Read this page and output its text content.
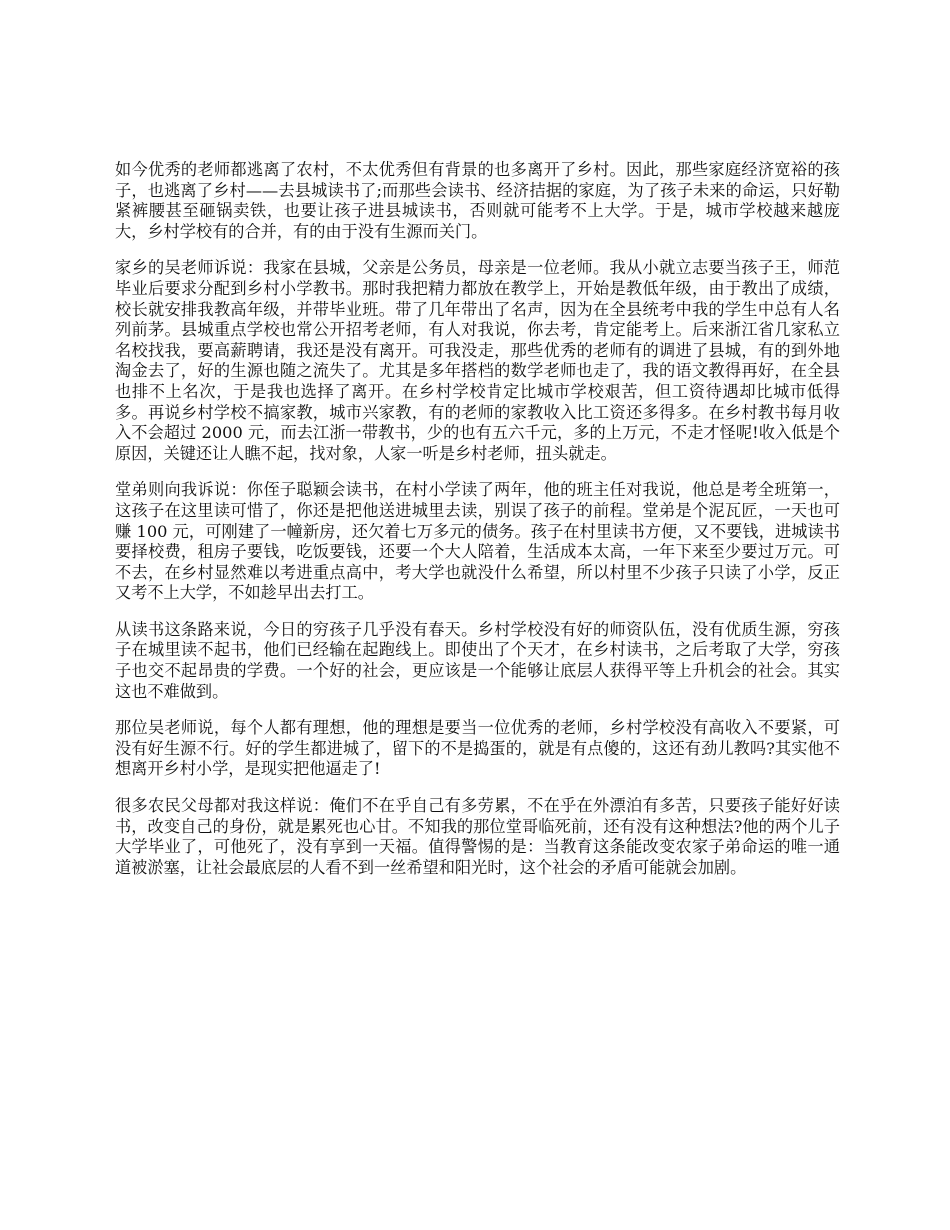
如今优秀的老师都逃离了农村，不太优秀但有背景的也多离开了乡村。因此，那些家庭经济宽裕的孩子，也逃离了乡村——去县城读书了;而那些会读书、经济拮据的家庭，为了孩子未来的命运，只好勒紧裤腰甚至砸锅卖铁，也要让孩子进县城读书，否则就可能考不上大学。于是，城市学校越来越庞大，乡村学校有的合并，有的由于没有生源而关门。

家乡的吴老师诉说：我家在县城，父亲是公务员，母亲是一位老师。我从小就立志要当孩子王，师范毕业后要求分配到乡村小学教书。那时我把精力都放在教学上，开始是教低年级，由于教出了成绩，校长就安排我教高年级，并带毕业班。带了几年带出了名声，因为在全县统考中我的学生中总有人名列前茅。县城重点学校也常公开招考老师，有人对我说，你去考，肯定能考上。后来浙江省几家私立名校找我，要高薪聘请，我还是没有离开。可我没走，那些优秀的老师有的调进了县城，有的到外地淘金去了，好的生源也随之流失了。尤其是多年搭档的数学老师也走了，我的语文教得再好，在全县也排不上名次，于是我也选择了离开。在乡村学校肯定比城市学校艰苦，但工资待遇却比城市低得多。再说乡村学校不搞家教，城市兴家教，有的老师的家教收入比工资还多得多。在乡村教书每月收入不会超过 2000 元，而去江浙一带教书，少的也有五六千元，多的上万元，不走才怪呢!收入低是个原因，关键还让人瞧不起，找对象，人家一听是乡村老师，扭头就走。

堂弟则向我诉说：你侄子聪颖会读书，在村小学读了两年，他的班主任对我说，他总是考全班第一，这孩子在这里读可惜了，你还是把他送进城里去读，别误了孩子的前程。堂弟是个泥瓦匠，一天也可赚 100 元，可刚建了一幢新房，还欠着七万多元的债务。孩子在村里读书方便，又不要钱，进城读书要择校费，租房子要钱，吃饭要钱，还要一个大人陪着，生活成本太高，一年下来至少要过万元。可不去，在乡村显然难以考进重点高中，考大学也就没什么希望，所以村里不少孩子只读了小学，反正又考不上大学，不如趁早出去打工。

从读书这条路来说，今日的穷孩子几乎没有春天。乡村学校没有好的师资队伍，没有优质生源，穷孩子在城里读不起书，他们已经输在起跑线上。即使出了个天才，在乡村读书，之后考取了大学，穷孩子也交不起昂贵的学费。一个好的社会，更应该是一个能够让底层人获得平等上升机会的社会。其实这也不难做到。

那位吴老师说，每个人都有理想，他的理想是要当一位优秀的老师，乡村学校没有高收入不要紧，可没有好生源不行。好的学生都进城了，留下的不是捣蛋的，就是有点傻的，这还有劲儿教吗?其实他不想离开乡村小学，是现实把他逼走了!

很多农民父母都对我这样说：俺们不在乎自己有多劳累，不在乎在外漂泊有多苦，只要孩子能好好读书，改变自己的身份，就是累死也心甘。不知我的那位堂哥临死前，还有没有这种想法?他的两个儿子大学毕业了，可他死了，没有享到一天福。值得警惕的是：当教育这条能改变农家子弟命运的唯一通道被淤塞，让社会最底层的人看不到一丝希望和阳光时，这个社会的矛盾可能就会加剧。
